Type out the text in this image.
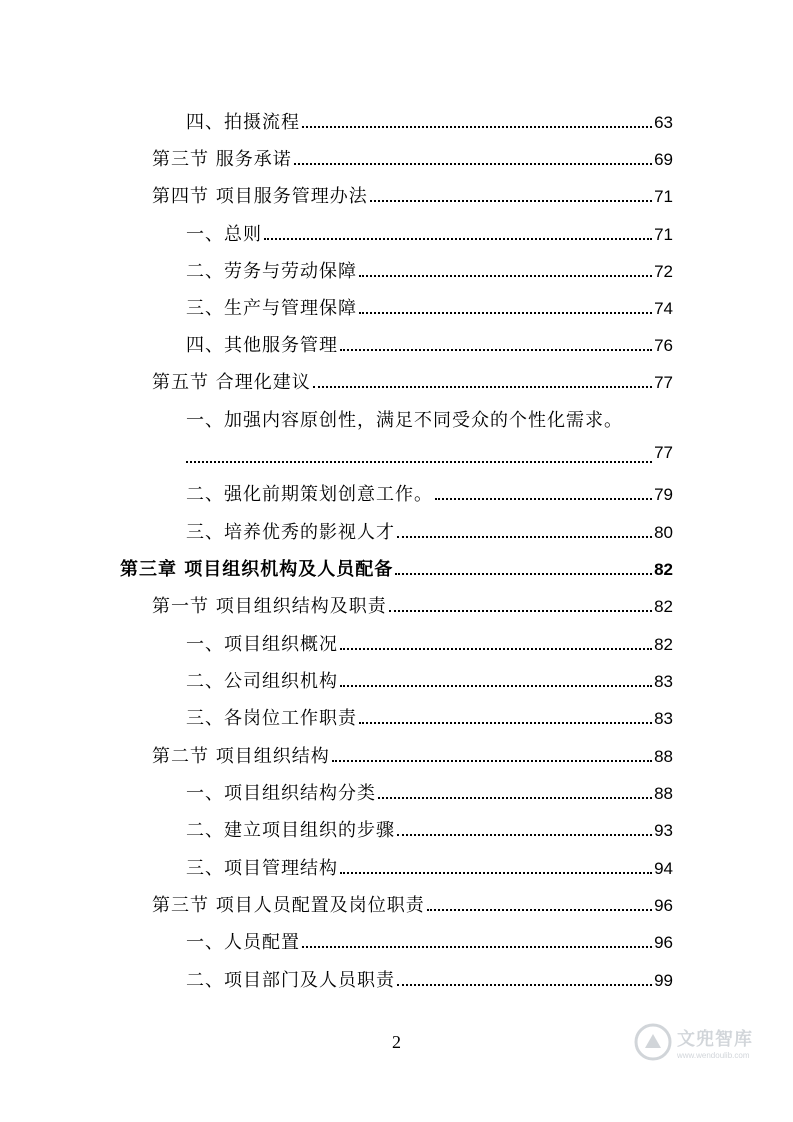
四、拍摄流程	63
第三节 服务承诺	69
第四节 项目服务管理办法	71
一、总则	71
二、劳务与劳动保障	72
三、生产与管理保障	74
四、其他服务管理	76
第五节 合理化建议	77
一、加强内容原创性，满足不同受众的个性化需求。
77
二、强化前期策划创意工作。	79
三、培养优秀的影视人才	80
第三章 项目组织机构及人员配备	82
第一节 项目组织结构及职责	82
一、项目组织概况	82
二、公司组织机构	83
三、各岗位工作职责	83
第二节 项目组织结构	88
一、项目组织结构分类	88
二、建立项目组织的步骤	93
三、项目管理结构	94
第三节 项目人员配置及岗位职责	96
一、人员配置	96
二、项目部门及人员职责	99
2	文兜智库
www.wendoulib.com
